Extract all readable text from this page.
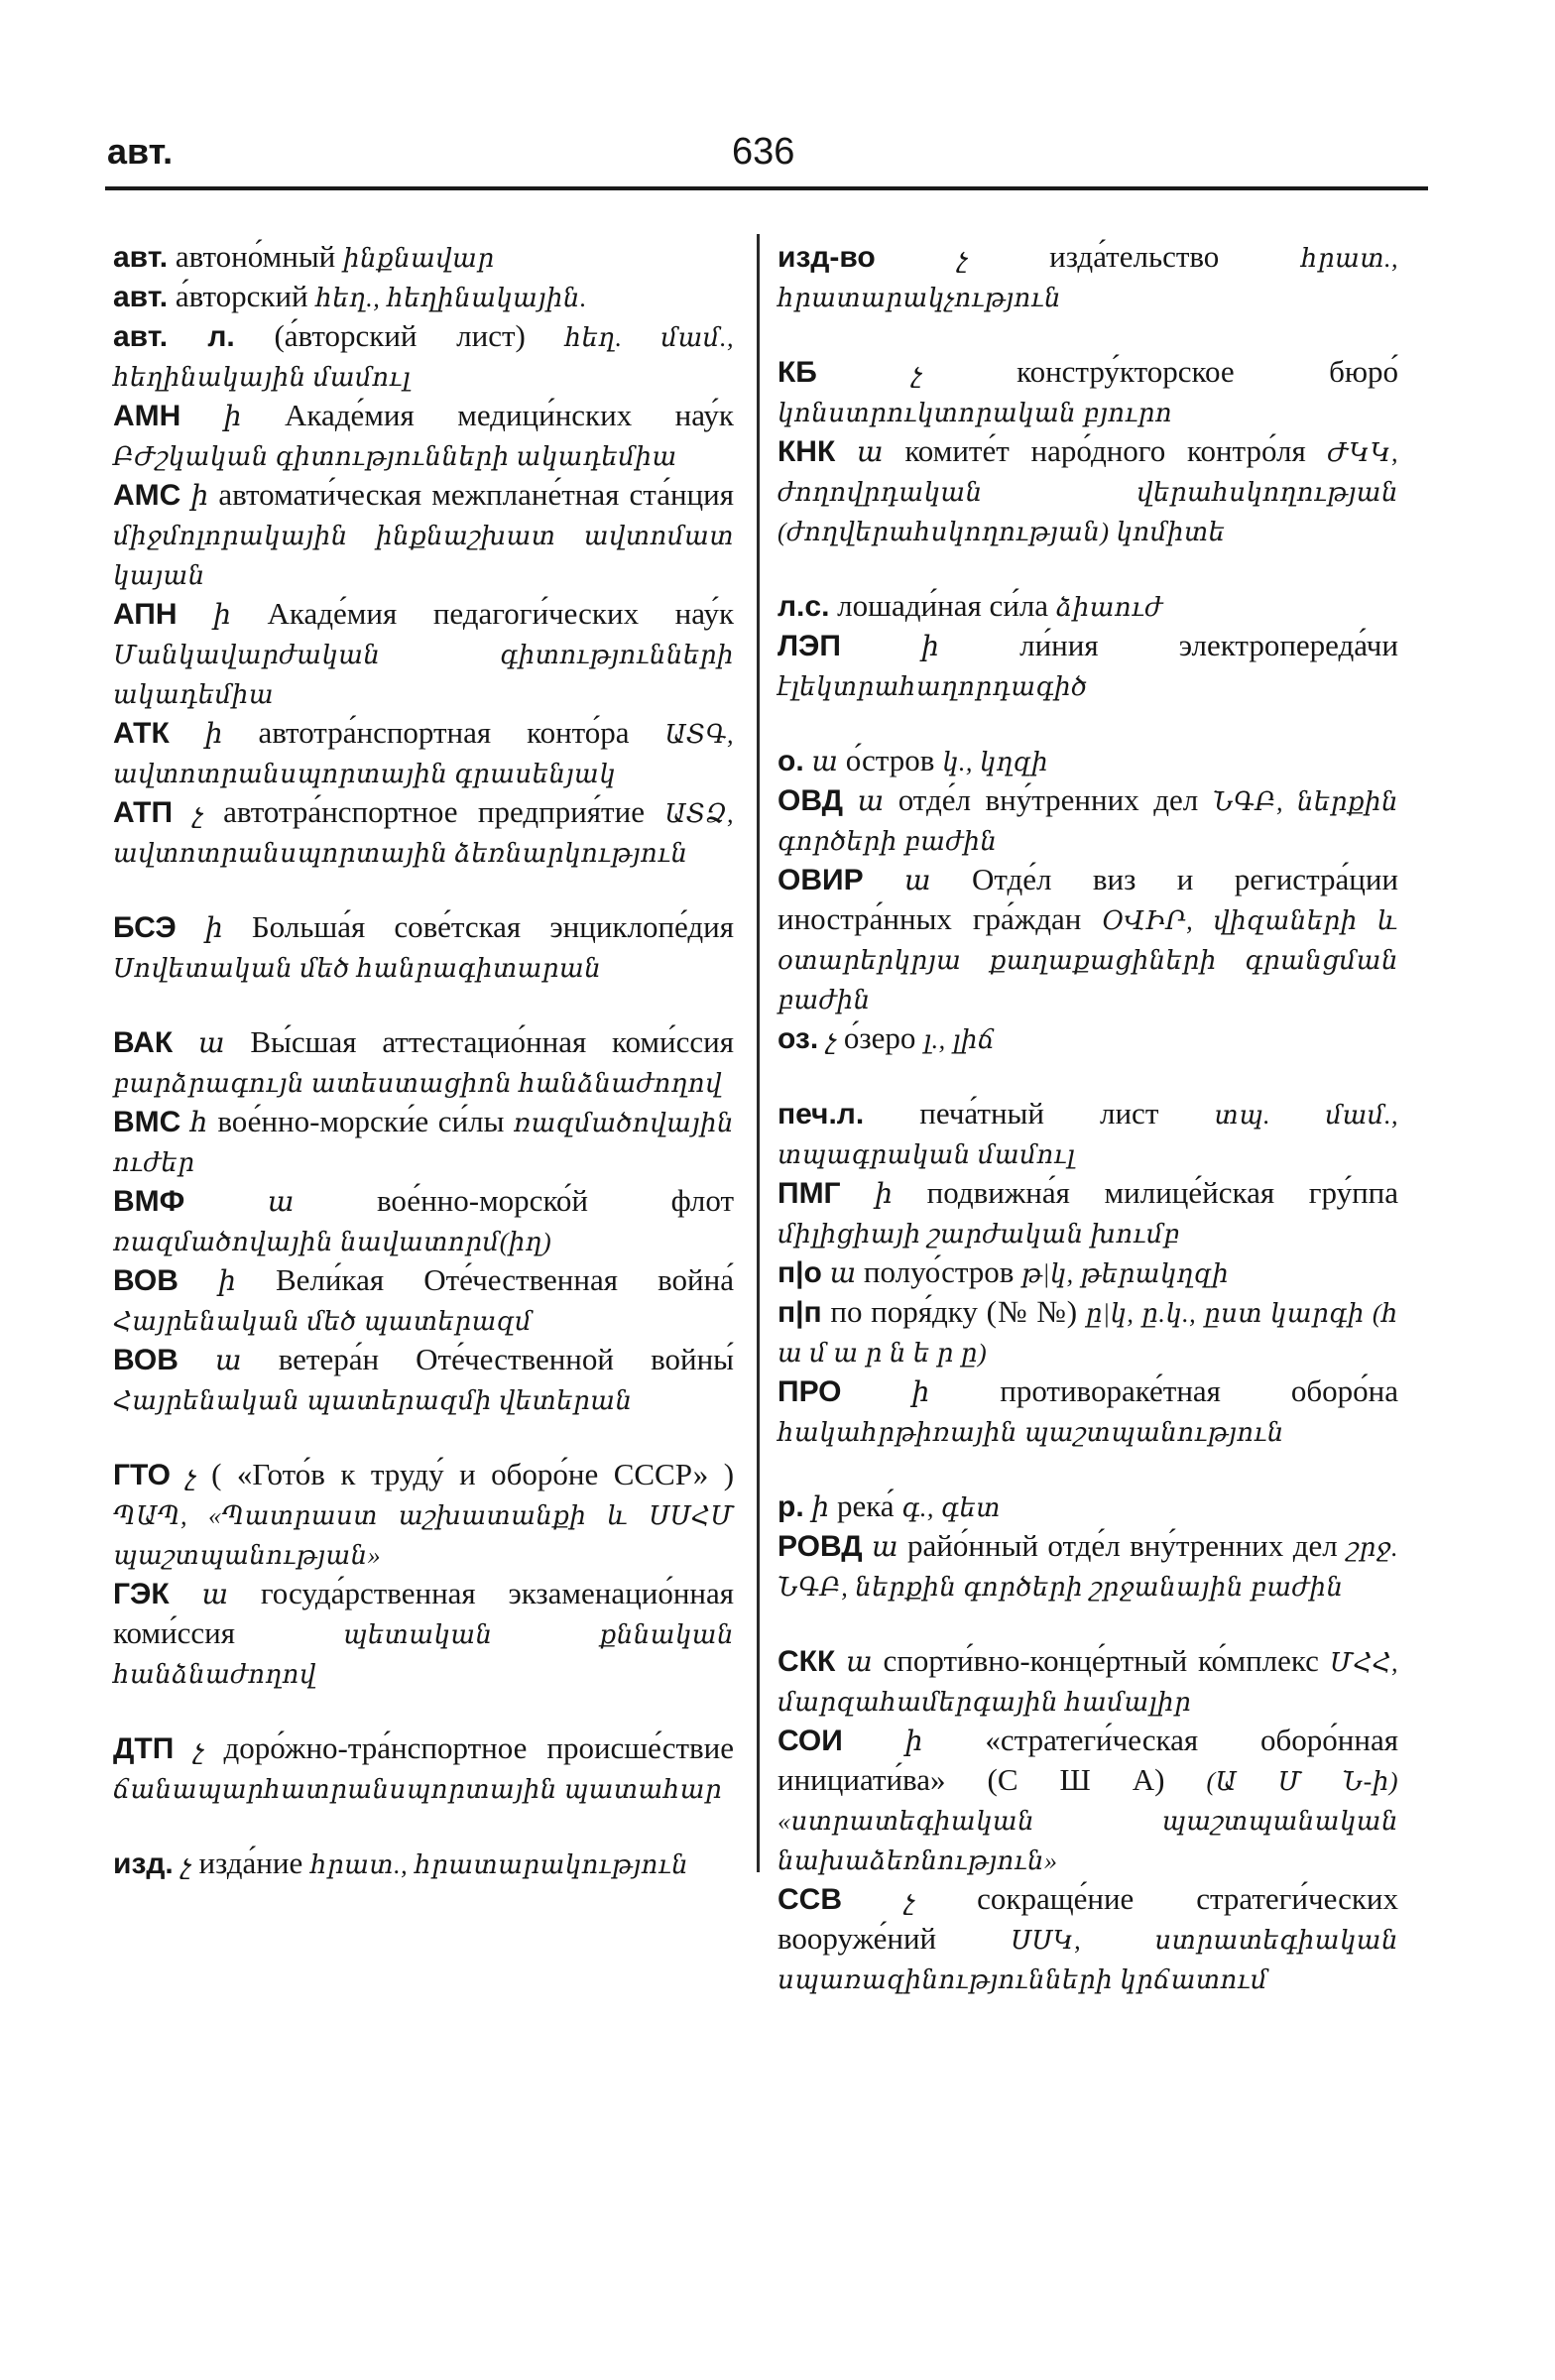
авт.	636

авт. автоно́мный ինքնավար

авт. а́вторский հեղ., հեղինակային.

авт. л. (а́вторский лист) հեղ. մամ., հեղինակային մամուլ

АМН ի Акаде́мия медици́нских нау́к ԲԺշկական գիտությունների ակադեմիա

АМС ի автомати́ческая межплане́тная ста́нция միջմոլորակային ինքնաշխատ ավտոմատ կայան

АПН ի Акаде́мия педагоги́ческих нау́к Մանկավարժական գիտությունների ակադեմիա

АТК ի автотра́нспортная конто́ра ԱՏԳ, ավտոտրանսպորտային գրասենյակ

АТП չ автотра́нспортное предприя́тие ԱՏՁ, ավտոտրանսպորտային ձեռնարկություն

БСЭ ի Больша́я сове́тская энциклопе́дия Սովետական մեծ հանրագիտարան

ВАК ա Вы́сшая аттестацио́нная коми́ссия բարձրագույն ատեստացիոն հանձնաժողով

ВМС հ вое́нно-морски́е си́лы ռազմածովային ուժեր

ВМФ	ա	вое́нно-морско́й флот ռազմածովային նավատորմ(իղ)

ВОВ ի Вели́кая Оте́чественная война́ Հայրենական մեծ պատերազմ

ВОВ ա ветера́н Оте́чественной войны́ Հայրենական պատերազմի վետերան

ГТО չ ( «Гото́в к труду́ и оборо́не СССР» ) ՊԱՊ, «Պատրաստ աշխատանքի և ՍՍՀՄ պաշտպանության»

ГЭК ա госуда́рственная экзаменацио́нная коми́ссия	պետական քննական հանձնաժողով

ДТП չ доро́жно-тра́нспортное происше́ствие ճանապարհատրանսպորտային պատահար

изд. չ изда́ние հրատ., հրատարակություն

изд-во	չ	изда́тельство	հրատ., հրատարակչություն

КБ	չ	констру́кторское бюро́ կոնստրուկտորական բյուրո

КНК ա комите́т наро́дного контро́ля ԺԿԿ, ժողովրդական վերահսկողության (ժողվերահսկողության) կոմիտե

л.с. лошади́ная си́ла ձիաուժ

ЛЭП	ի	ли́ния электропереда́чи էլեկտրահաղորդագիծ

о. ա о́стров կ., կղզի

ОВД ա отде́л вну́тренних дел ՆԳԲ, ներքին գործերի բաժին

ОВИР ա Отде́л виз и регистра́ции иностра́нных гра́ждан ՕՎԻՐ, վիզաների և օտարերկրյա քաղաքացիների գրանցման բաժին

оз. չ о́зеро լ., լիճ

печ.л. печа́тный лист տպ. մամ., տպագրական մամուլ

ПМГ ի подвижна́я милице́йская гру́ппа միլիցիայի շարժական խումբ

п|о ա полуо́стров թ|կ, թերակղզի

п|п по поря́дку (№ №) ը|կ, ը.կ., ըստ կարգի (հ ա մ ա ր ն ե ր ը)

ПРО	ի противораке́тная оборо́на հակահրթիռային պաշտպանություն

р. ի река́ գ., գետ

РОВД ա райо́нный отде́л вну́тренних дел շրջ. ՆԳԲ, ներքին գործերի շրջանային բաժին

СКК ա спорти́вно-конце́ртный ко́мплекс ՄՀՀ, մարզահամերգային համալիր

СОИ ի «стратеги́ческая оборо́нная инициати́ва» (С Ш А) (Ա Մ Ն-ի) «ստրատեգիական պաշտպանական նախաձեռնություն»

ССВ չ сокраще́ние стратеги́ческих вооруже́ний	ՍՍԿ, ստրատեգիական սպառազինությունների կրճատում
